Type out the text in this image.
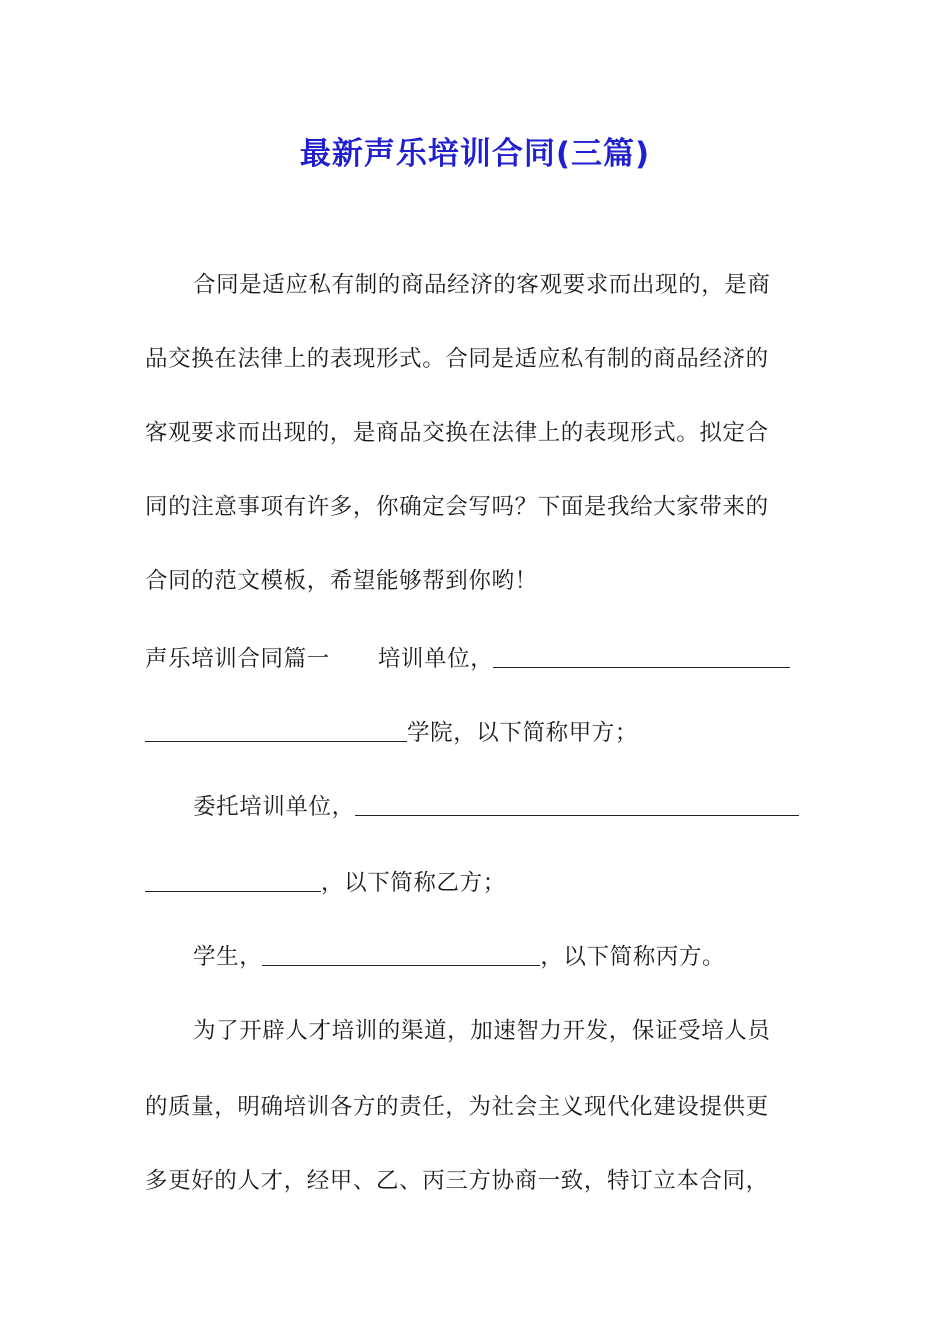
最新声乐培训合同(三篇)
合同是适应私有制的商品经济的客观要求而出现的，是商
品交换在法律上的表现形式。合同是适应私有制的商品经济的
客观要求而出现的，是商品交换在法律上的表现形式。拟定合
同的注意事项有许多，你确定会写吗？下面是我给大家带来的
合同的范文模板，希望能够帮到你哟！
声乐培训合同篇一 培训单位，
学院，以下简称甲方；
委托培训单位，
，以下简称乙方；
学生，	，以下简称丙方。
为了开辟人才培训的渠道，加速智力开发，保证受培人员
的质量，明确培训各方的责任，为社会主义现代化建设提供更
多更好的人才，经甲、乙、丙三方协商一致，特订立本合同，
